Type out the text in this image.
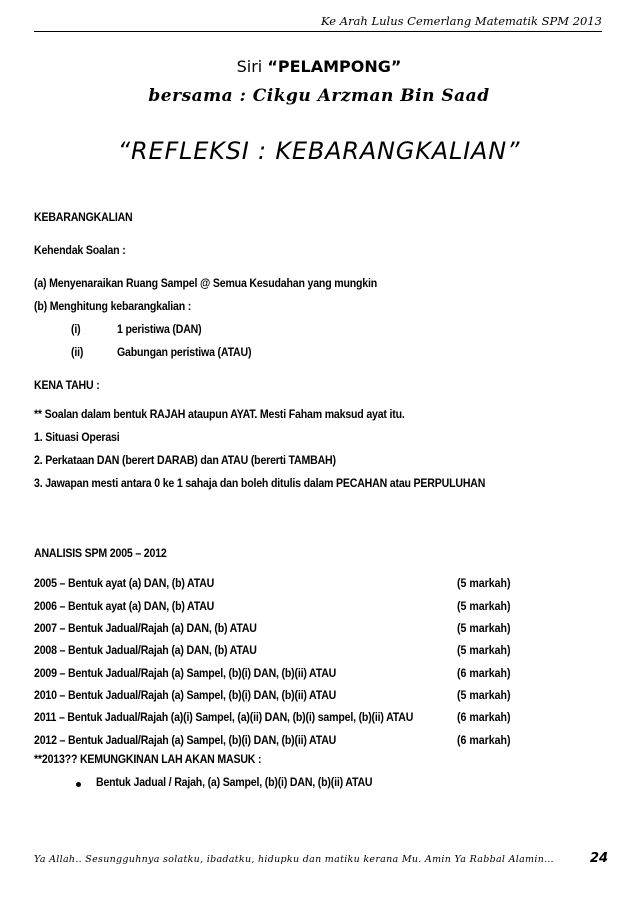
Ke Arah Lulus Cemerlang Matematik SPM 2013
Siri “PELAMPONG”
bersama : Cikgu Arzman Bin Saad
“REFLEKSI : KEBARANGKALIAN”
KEBARANGKALIAN
Kehendak Soalan :
(a) Menyenaraikan Ruang Sampel @ Semua Kesudahan yang mungkin
(b) Menghitung kebarangkalian :
(i)	1 peristiwa (DAN)
(ii)	Gabungan peristiwa (ATAU)
KENA TAHU :
** Soalan dalam bentuk RAJAH ataupun AYAT. Mesti Faham maksud ayat itu.
1. Situasi Operasi
2. Perkataan DAN (berert DARAB) dan ATAU (bererti TAMBAH)
3. Jawapan mesti antara 0 ke 1 sahaja dan boleh ditulis dalam PECAHAN atau PERPULUHAN
ANALISIS SPM 2005 – 2012
2005 – Bentuk ayat (a) DAN, (b) ATAU	(5 markah)
2006 – Bentuk ayat (a) DAN, (b) ATAU	(5 markah)
2007 – Bentuk Jadual/Rajah (a) DAN, (b) ATAU	(5 markah)
2008 – Bentuk Jadual/Rajah (a) DAN, (b) ATAU	(5 markah)
2009 – Bentuk Jadual/Rajah (a) Sampel, (b)(i) DAN, (b)(ii) ATAU	(6 markah)
2010 – Bentuk Jadual/Rajah (a) Sampel, (b)(i) DAN, (b)(ii) ATAU	(5 markah)
2011 – Bentuk Jadual/Rajah (a)(i) Sampel, (a)(ii) DAN, (b)(i) sampel, (b)(ii) ATAU	(6 markah)
2012 – Bentuk Jadual/Rajah (a) Sampel, (b)(i) DAN, (b)(ii) ATAU	(6 markah)
**2013?? KEMUNGKINAN LAH AKAN MASUK :
Bentuk Jadual / Rajah, (a) Sampel, (b)(i) DAN, (b)(ii) ATAU
Ya Allah.. Sesungguhnya solatku, ibadatku, hidupku dan matiku kerana Mu. Amin Ya Rabbal Alamin…	24
